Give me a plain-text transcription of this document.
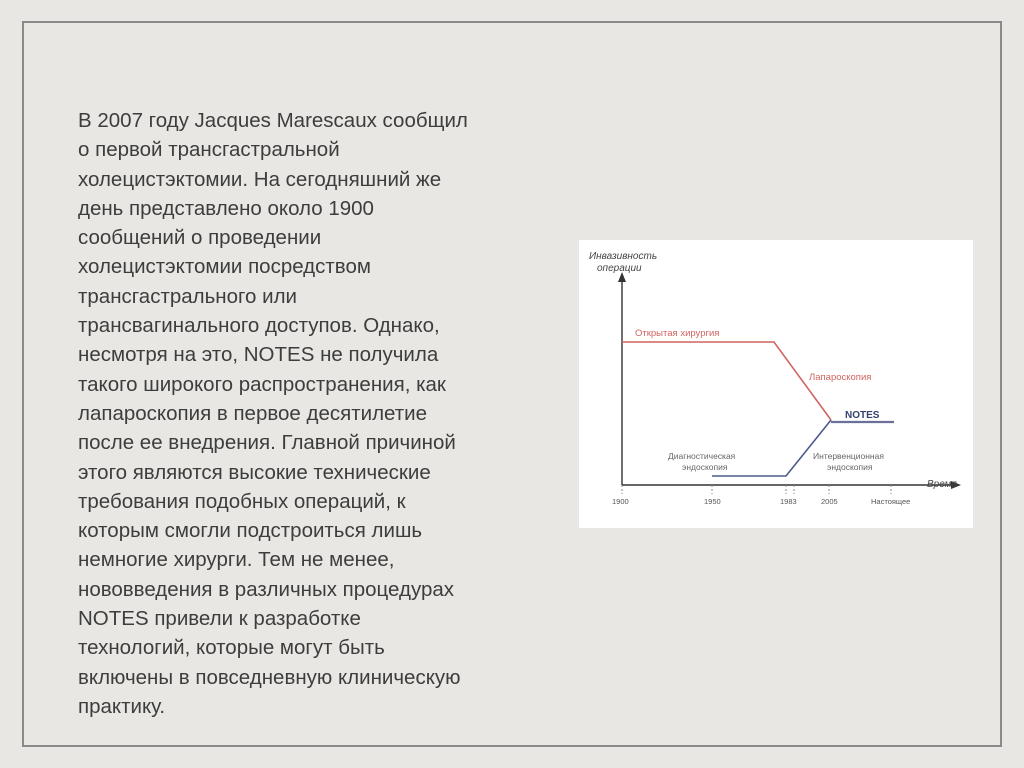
В 2007 году Jacques Marescaux сообщил
о первой трансгастральной
холецистэктомии. На сегодняшний же
день представлено около 1900
сообщений о проведении
холецистэктомии посредством
трансгастрального или
трансвагинального доступов. Однако,
несмотря на это, NOTES не получила
такого широкого распространения, как
лапароскопия в первое десятилетие
после ее внедрения. Главной причиной
этого являются высокие технические
требования подобных операций, к
которым смогли подстроиться лишь
немногие хирурги. Тем не менее,
нововведения в различных процедурах
NOTES привели к разработке
технологий, которые могут быть
включены в повседневную клиническую
практику.
Инвазивность
операции
Время
1900	1950	1983	2005	Настоящее
Открытая хирургия
Лапароскопия
NOTES
Диагностическая
эндоскопия
Интервенционная
эндоскопия
